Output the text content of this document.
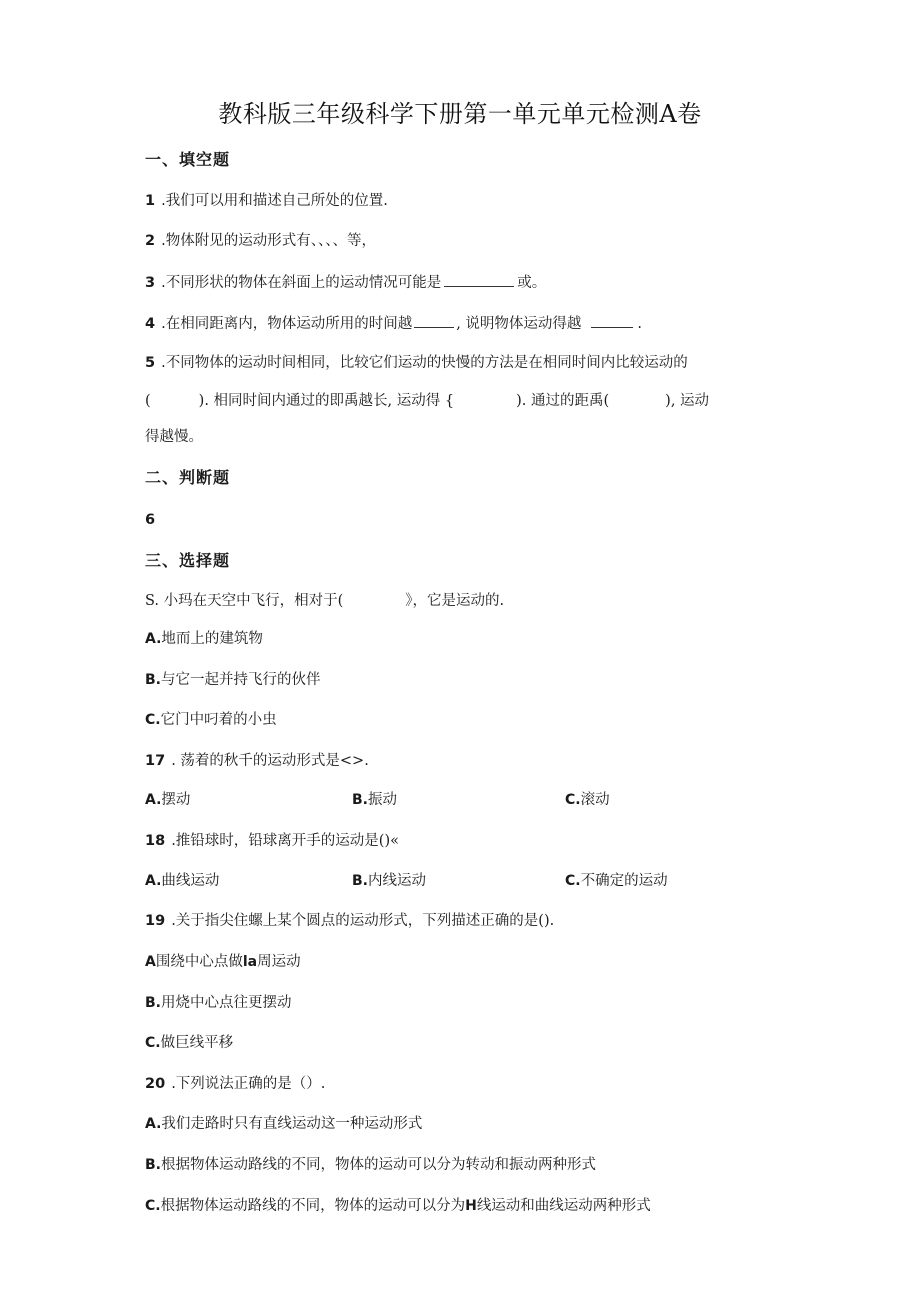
教科版三年级科学下册第一单元单元检测A卷
一、填空题
1 .我们可以用和描述自己所处的位置.
2 .物体附见的运动形式有、、、、等，
3 .不同形状的物体在斜面上的运动情况可能是	或。
4 .在相同距离内，物体运动所用的时间越	, 说明物体运动得越	.
5 .不同物体的运动时间相同，比较它们运动的快慢的方法是在相同时间内比较运动的
(	). 相同时间内通过的即禹越长, 运动得 {	). 通过的距禹(	), 运动
得越慢。
二、判断题
6
三、选择题
S. 小玛在天空中飞行，相对于(	》，它是运动的.
A.地而上的建筑物
B.与它一起并持飞行的伙伴
C.它门中叼着的小虫
17 . 荡着的秋千的运动形式是<>.
A.摆动	B.振动	C.滚动
18 .推铅球时，铅球离开手的运动是()«
A.曲线运动	B.内线运动	C.不确定的运动
19 .关于指尖住螺上某个圆点的运动形式，下列描述正确的是().
A围绕中心点做la周运动
B.用烧中心点往更摆动
C.做巨线平移
20 .下列说法正确的是（）.
A.我们走路时只有直线运动这一种运动形式
B.根据物体运动路线的不同，物体的运动可以分为转动和振动两种形式
C.根据物体运动路线的不同，物体的运动可以分为H线运动和曲线运动两种形式
